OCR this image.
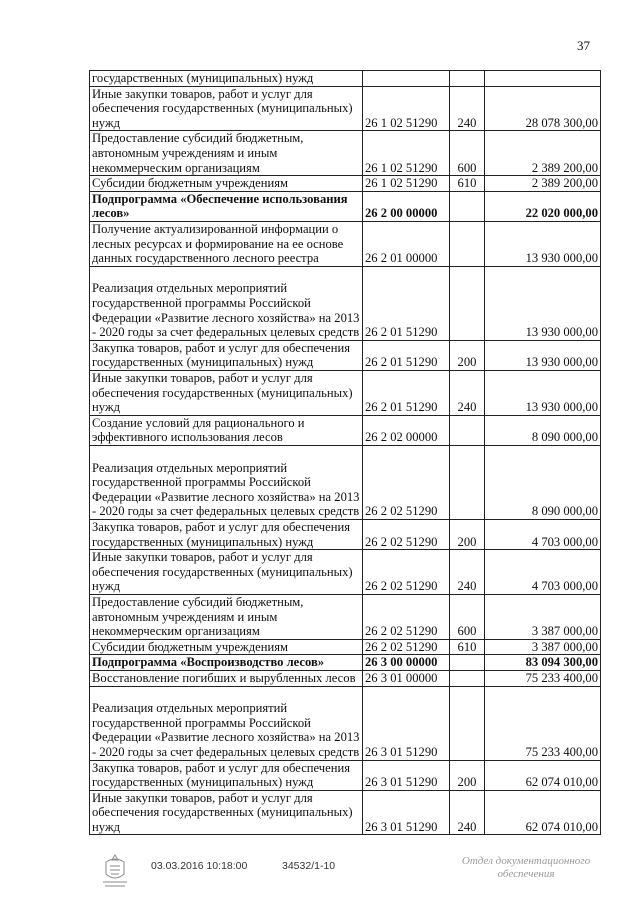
37
государственных (муниципальных) нужд			
Иные закупки товаров, работ и услуг для обеспечения государственных (муниципальных) нужд	26 1 02 51290	240	28 078 300,00
Предоставление субсидий бюджетным, автономным учреждениям и иным некоммерческим организациям	26 1 02 51290	600	2 389 200,00
Субсидии бюджетным учреждениям	26 1 02 51290	610	2 389 200,00
Подпрограмма «Обеспечение использования лесов»	26 2 00 00000		22 020 000,00
Получение актуализированной информации о лесных ресурсах и формирование на ее основе данных государственного лесного реестра	26 2 01 00000		13 930 000,00
Реализация отдельных мероприятий государственной программы Российской Федерации «Развитие лесного хозяйства» на 2013 - 2020 годы за счет федеральных целевых средств	26 2 01 51290		13 930 000,00
Закупка товаров, работ и услуг для обеспечения государственных (муниципальных) нужд	26 2 01 51290	200	13 930 000,00
Иные закупки товаров, работ и услуг для обеспечения государственных (муниципальных) нужд	26 2 01 51290	240	13 930 000,00
Создание условий для рационального и эффективного использования лесов	26 2 02 00000		8 090 000,00
Реализация отдельных мероприятий государственной программы Российской Федерации «Развитие лесного хозяйства» на 2013 - 2020 годы за счет федеральных целевых средств	26 2 02 51290		8 090 000,00
Закупка товаров, работ и услуг для обеспечения государственных (муниципальных) нужд	26 2 02 51290	200	4 703 000,00
Иные закупки товаров, работ и услуг для обеспечения государственных (муниципальных) нужд	26 2 02 51290	240	4 703 000,00
Предоставление субсидий бюджетным, автономным учреждениям и иным некоммерческим организациям	26 2 02 51290	600	3 387 000,00
Субсидии бюджетным учреждениям	26 2 02 51290	610	3 387 000,00
Подпрограмма «Воспроизводство лесов»	26 3 00 00000		83 094 300,00
Восстановление погибших и вырубленных лесов	26 3 01 00000		75 233 400,00
Реализация отдельных мероприятий государственной программы Российской Федерации «Развитие лесного хозяйства» на 2013 - 2020 годы за счет федеральных целевых средств	26 3 01 51290		75 233 400,00
Закупка товаров, работ и услуг для обеспечения государственных (муниципальных) нужд	26 3 01 51290	200	62 074 010,00
Иные закупки товаров, работ и услуг для обеспечения государственных (муниципальных) нужд	26 3 01 51290	240	62 074 010,00
03.03.2016 10:18:00	34532/1-10	Отдел документационного
обеспечения
